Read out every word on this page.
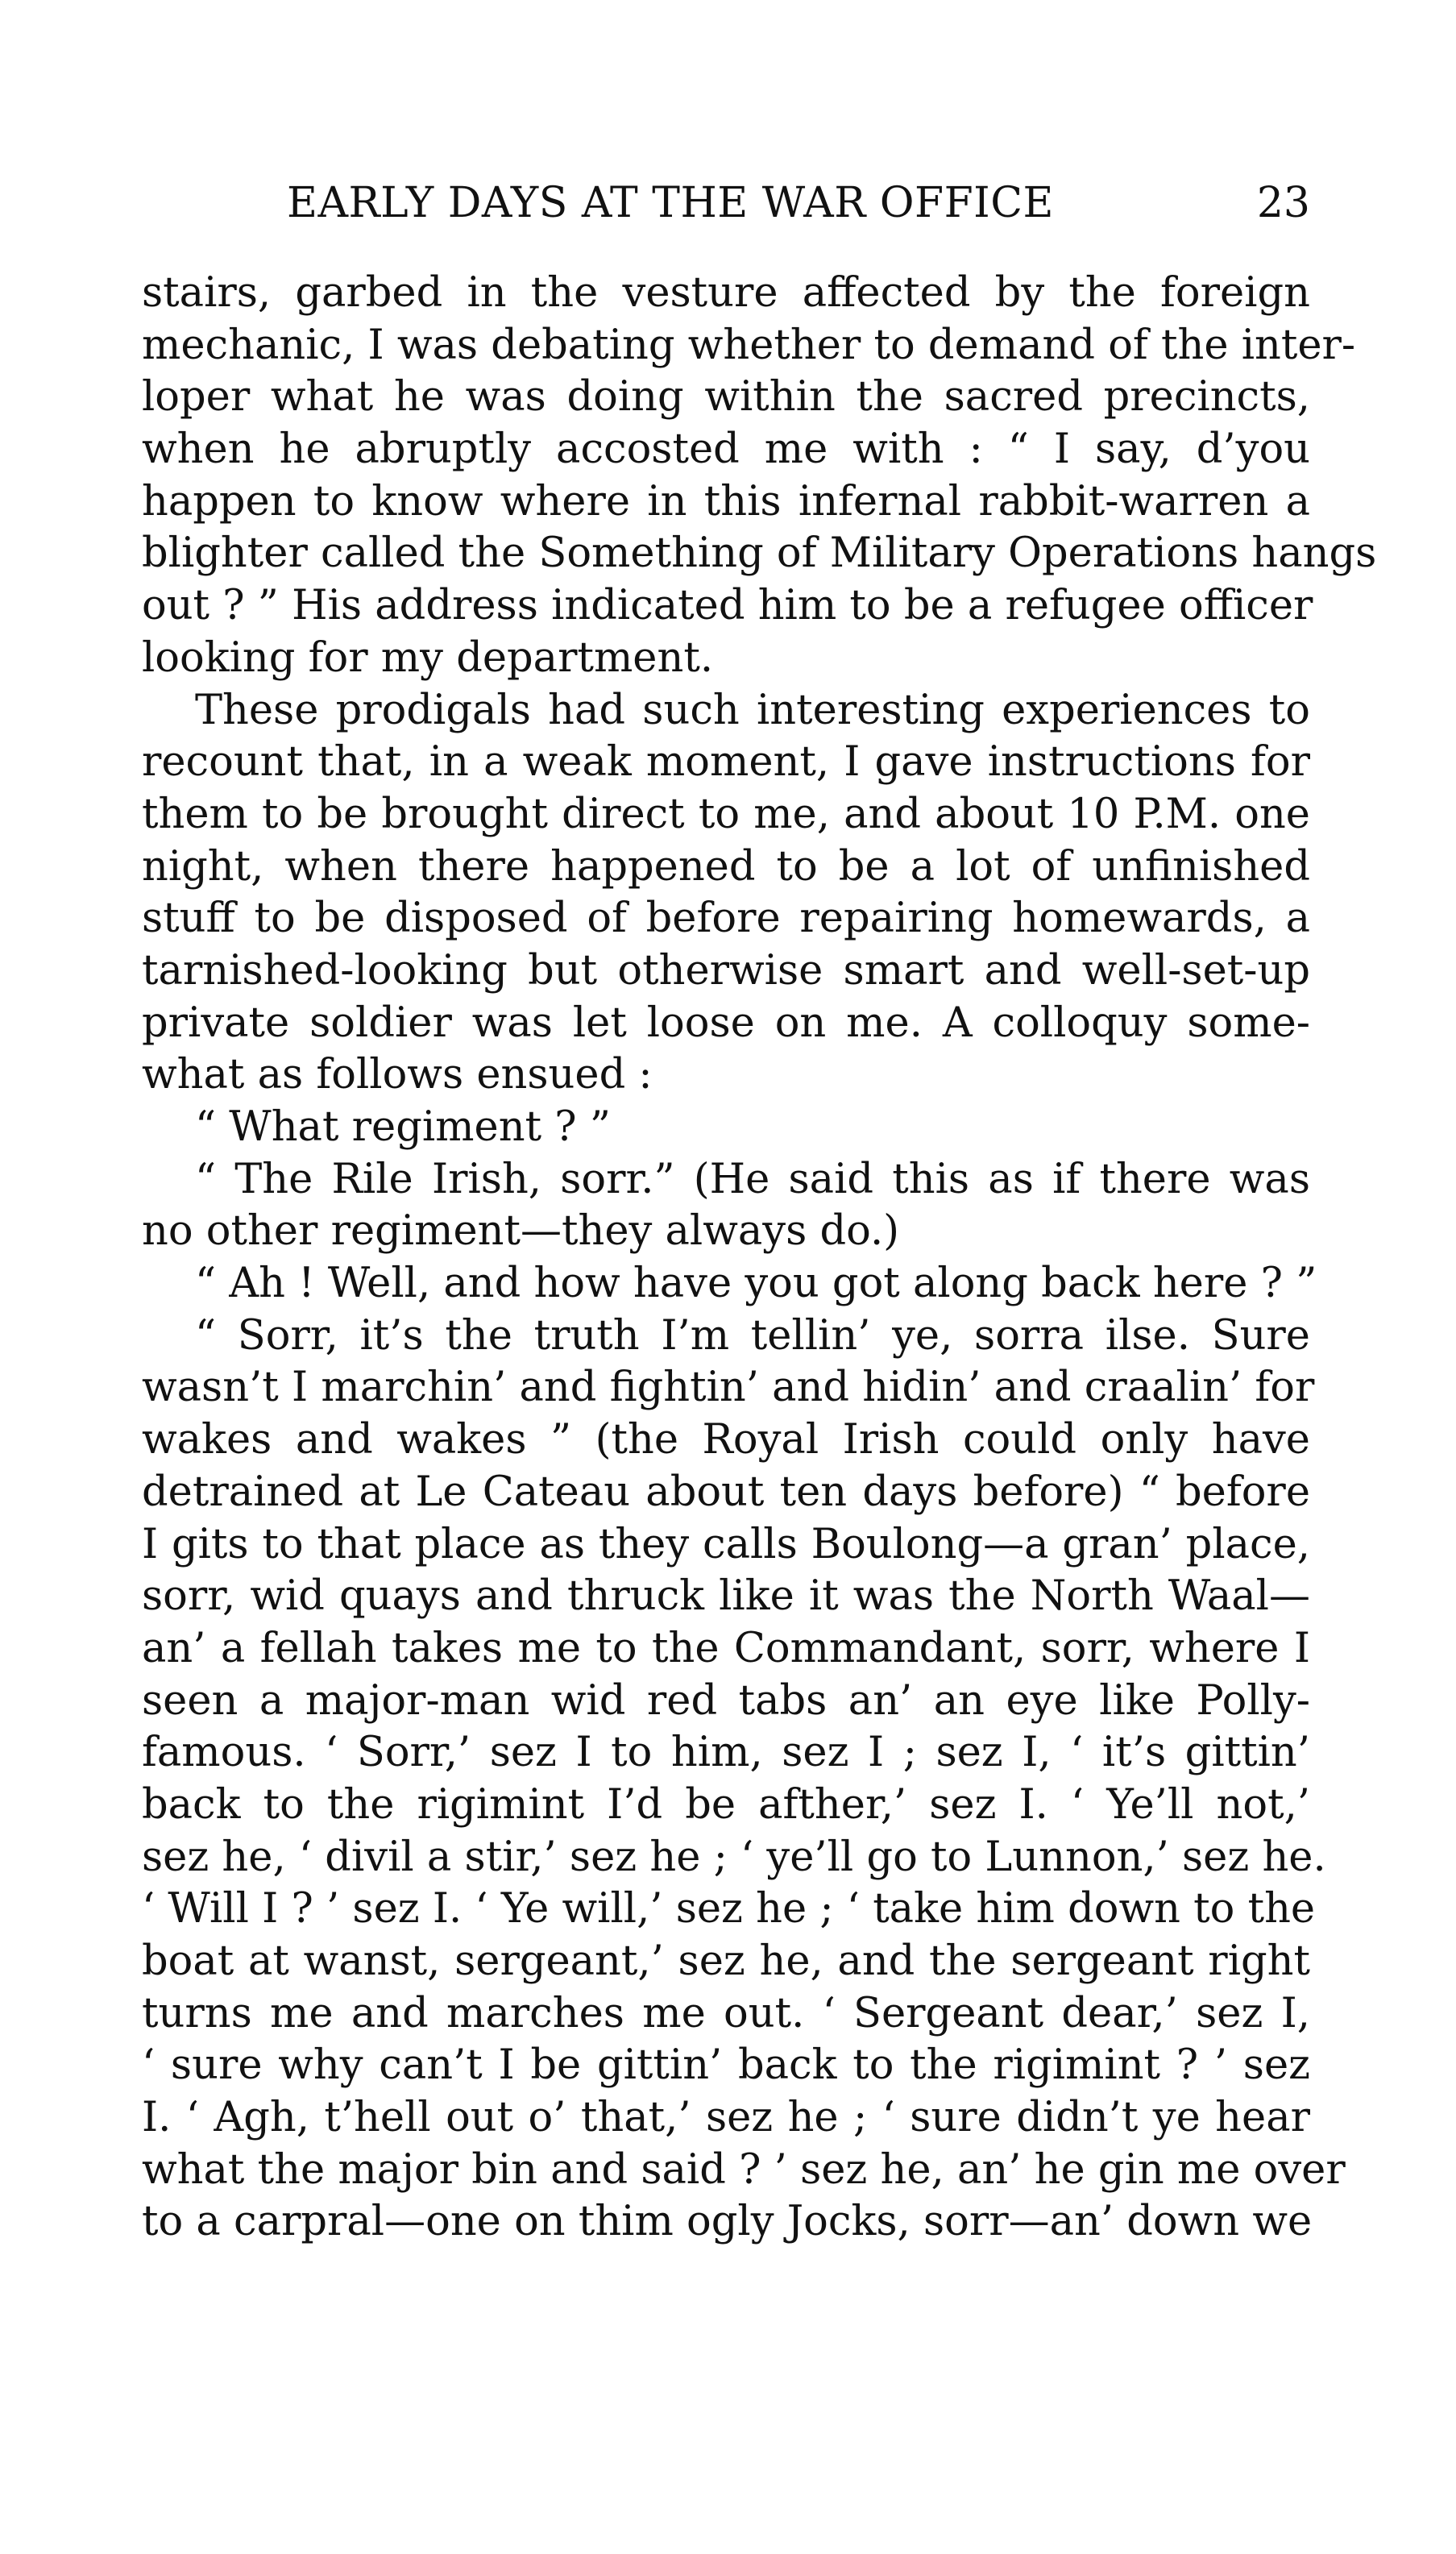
EARLY DAYS AT THE WAR OFFICE	23
stairs, garbed in the vesture affected by the foreign
mechanic, I was debating whether to demand of the inter-
loper what he was doing within the sacred precincts,
when he abruptly accosted me with : “ I say, d’you
happen to know where in this infernal rabbit-warren a
blighter called the Something of Military Operations hangs
out ? ” His address indicated him to be a refugee officer
looking for my department.
These prodigals had such interesting experiences to
recount that, in a weak moment, I gave instructions for
them to be brought direct to me, and about 10 P.M. one
night, when there happened to be a lot of unfinished
stuff to be disposed of before repairing homewards, a
tarnished-looking but otherwise smart and well-set-up
private soldier was let loose on me. A colloquy some-
what as follows ensued :
“ What regiment ? ”
“ The Rile Irish, sorr.” (He said this as if there was
no other regiment—they always do.)
“ Ah ! Well, and how have you got along back here ? ”
“ Sorr, it’s the truth I’m tellin’ ye, sorra ilse. Sure
wasn’t I marchin’ and fightin’ and hidin’ and craalin’ for
wakes and wakes ” (the Royal Irish could only have
detrained at Le Cateau about ten days before) “ before
I gits to that place as they calls Boulong—a gran’ place,
sorr, wid quays and thruck like it was the North Waal—
an’ a fellah takes me to the Commandant, sorr, where I
seen a major-man wid red tabs an’ an eye like Polly-
famous. ‘ Sorr,’ sez I to him, sez I ; sez I, ‘ it’s gittin’
back to the rigimint I’d be afther,’ sez I. ‘ Ye’ll not,’
sez he, ‘ divil a stir,’ sez he ; ‘ ye’ll go to Lunnon,’ sez he.
‘ Will I ? ’ sez I. ‘ Ye will,’ sez he ; ‘ take him down to the
boat at wanst, sergeant,’ sez he, and the sergeant right
turns me and marches me out. ‘ Sergeant dear,’ sez I,
‘ sure why can’t I be gittin’ back to the rigimint ? ’ sez
I. ‘ Agh, t’hell out o’ that,’ sez he ; ‘ sure didn’t ye hear
what the major bin and said ? ’ sez he, an’ he gin me over
to a carpral—one on thim ogly Jocks, sorr—an’ down we
